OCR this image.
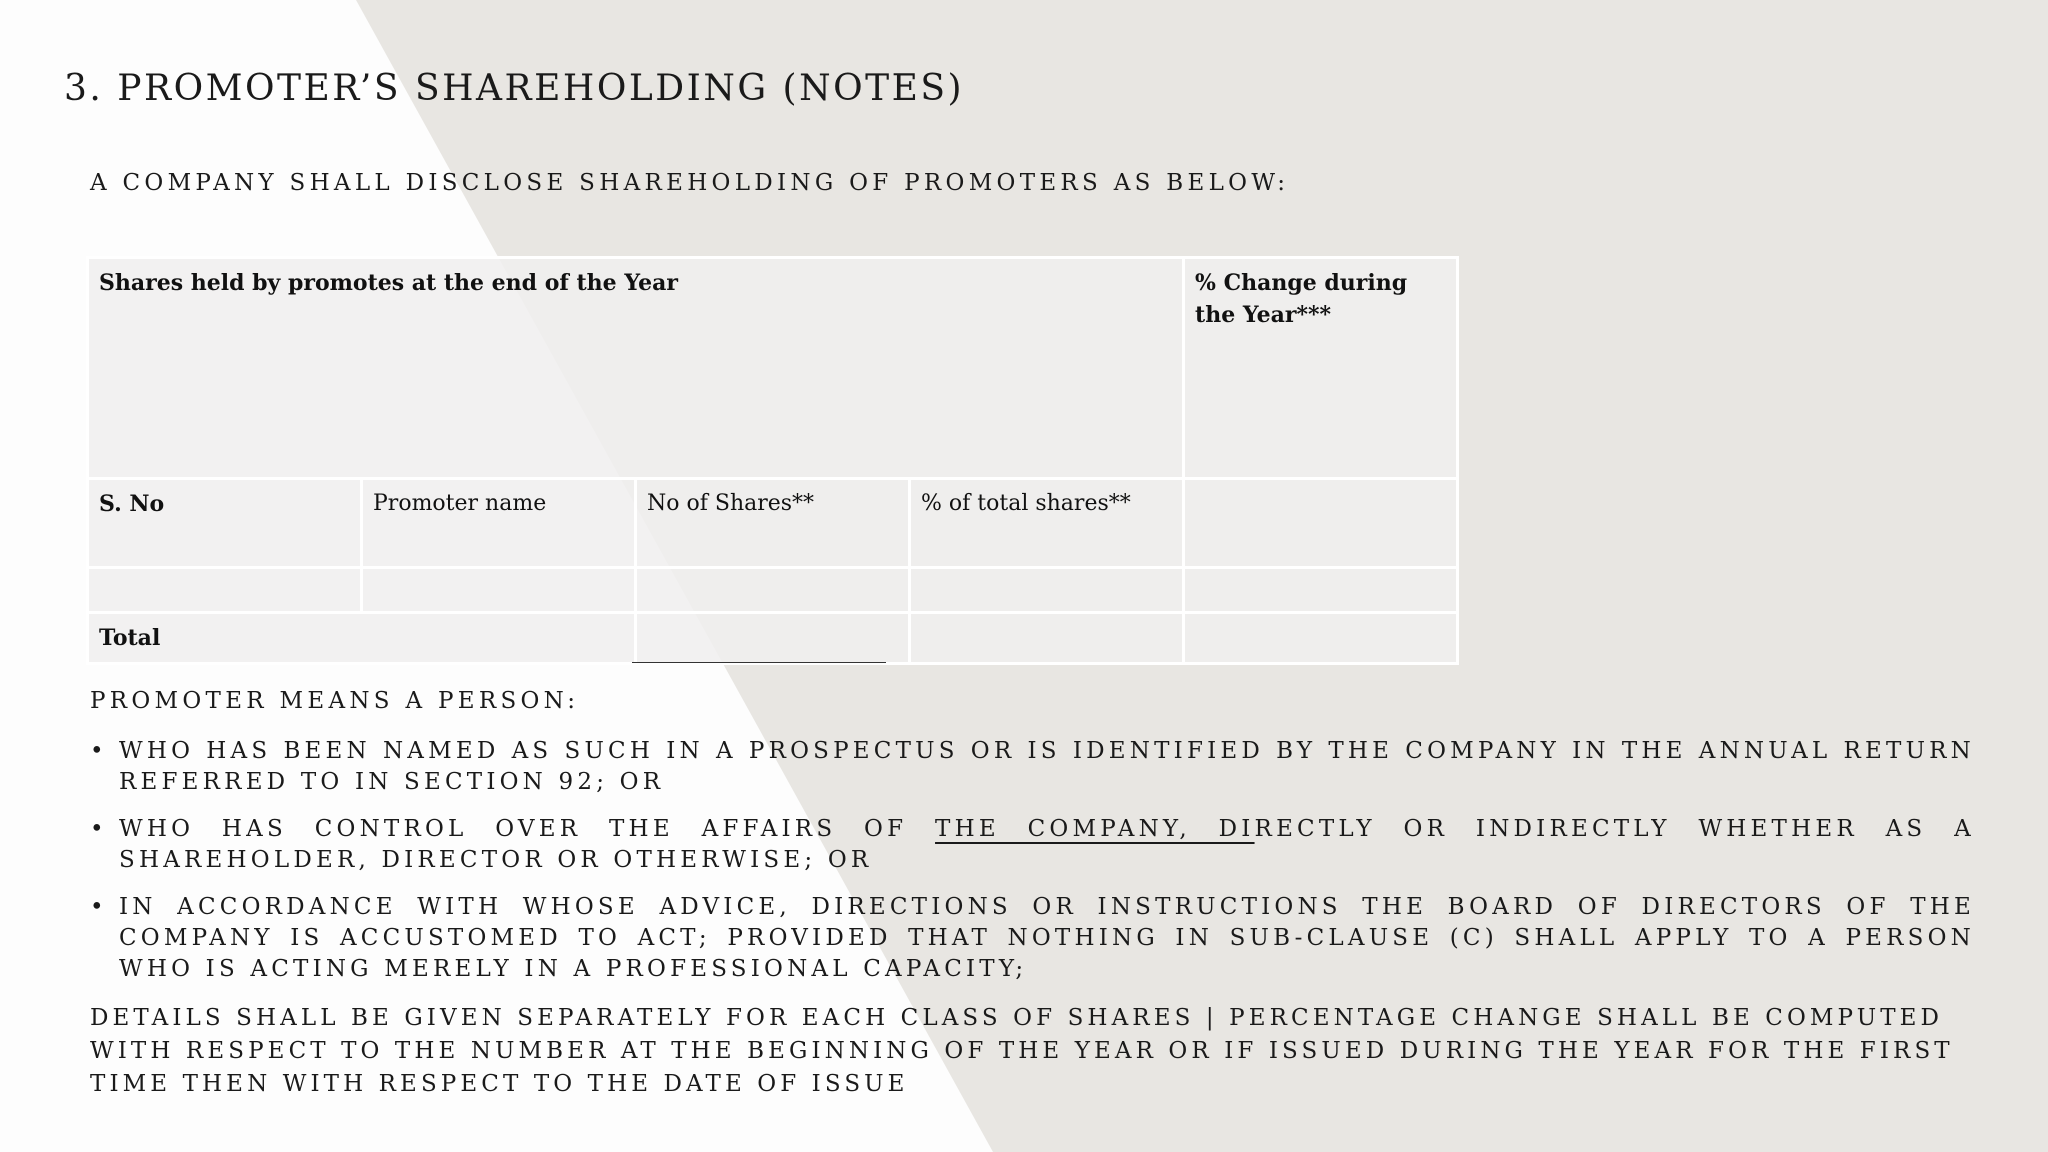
3. PROMOTER’S SHAREHOLDING (NOTES)
A COMPANY SHALL DISCLOSE SHAREHOLDING OF PROMOTERS AS BELOW:
Shares held by promotes at the end of the Year				% Change during the Year***
S. No	Promoter name	No of Shares**	% of total shares**	

Total				
PROMOTER MEANS A PERSON:
• WHO HAS BEEN NAMED AS SUCH IN A PROSPECTUS OR IS IDENTIFIED BY THE COMPANY IN THE ANNUAL RETURN REFERRED TO IN SECTION 92; OR
• WHO HAS CONTROL OVER THE AFFAIRS OF THE COMPANY, DIRECTLY OR INDIRECTLY WHETHER AS A SHAREHOLDER, DIRECTOR OR OTHERWISE; OR
• IN ACCORDANCE WITH WHOSE ADVICE, DIRECTIONS OR INSTRUCTIONS THE BOARD OF DIRECTORS OF THE COMPANY IS ACCUSTOMED TO ACT; PROVIDED THAT NOTHING IN SUB-CLAUSE (C) SHALL APPLY TO A PERSON WHO IS ACTING MERELY IN A PROFESSIONAL CAPACITY;
DETAILS SHALL BE GIVEN SEPARATELY FOR EACH CLASS OF SHARES | PERCENTAGE CHANGE SHALL BE COMPUTED WITH RESPECT TO THE NUMBER AT THE BEGINNING OF THE YEAR OR IF ISSUED DURING THE YEAR FOR THE FIRST TIME THEN WITH RESPECT TO THE DATE OF ISSUE
